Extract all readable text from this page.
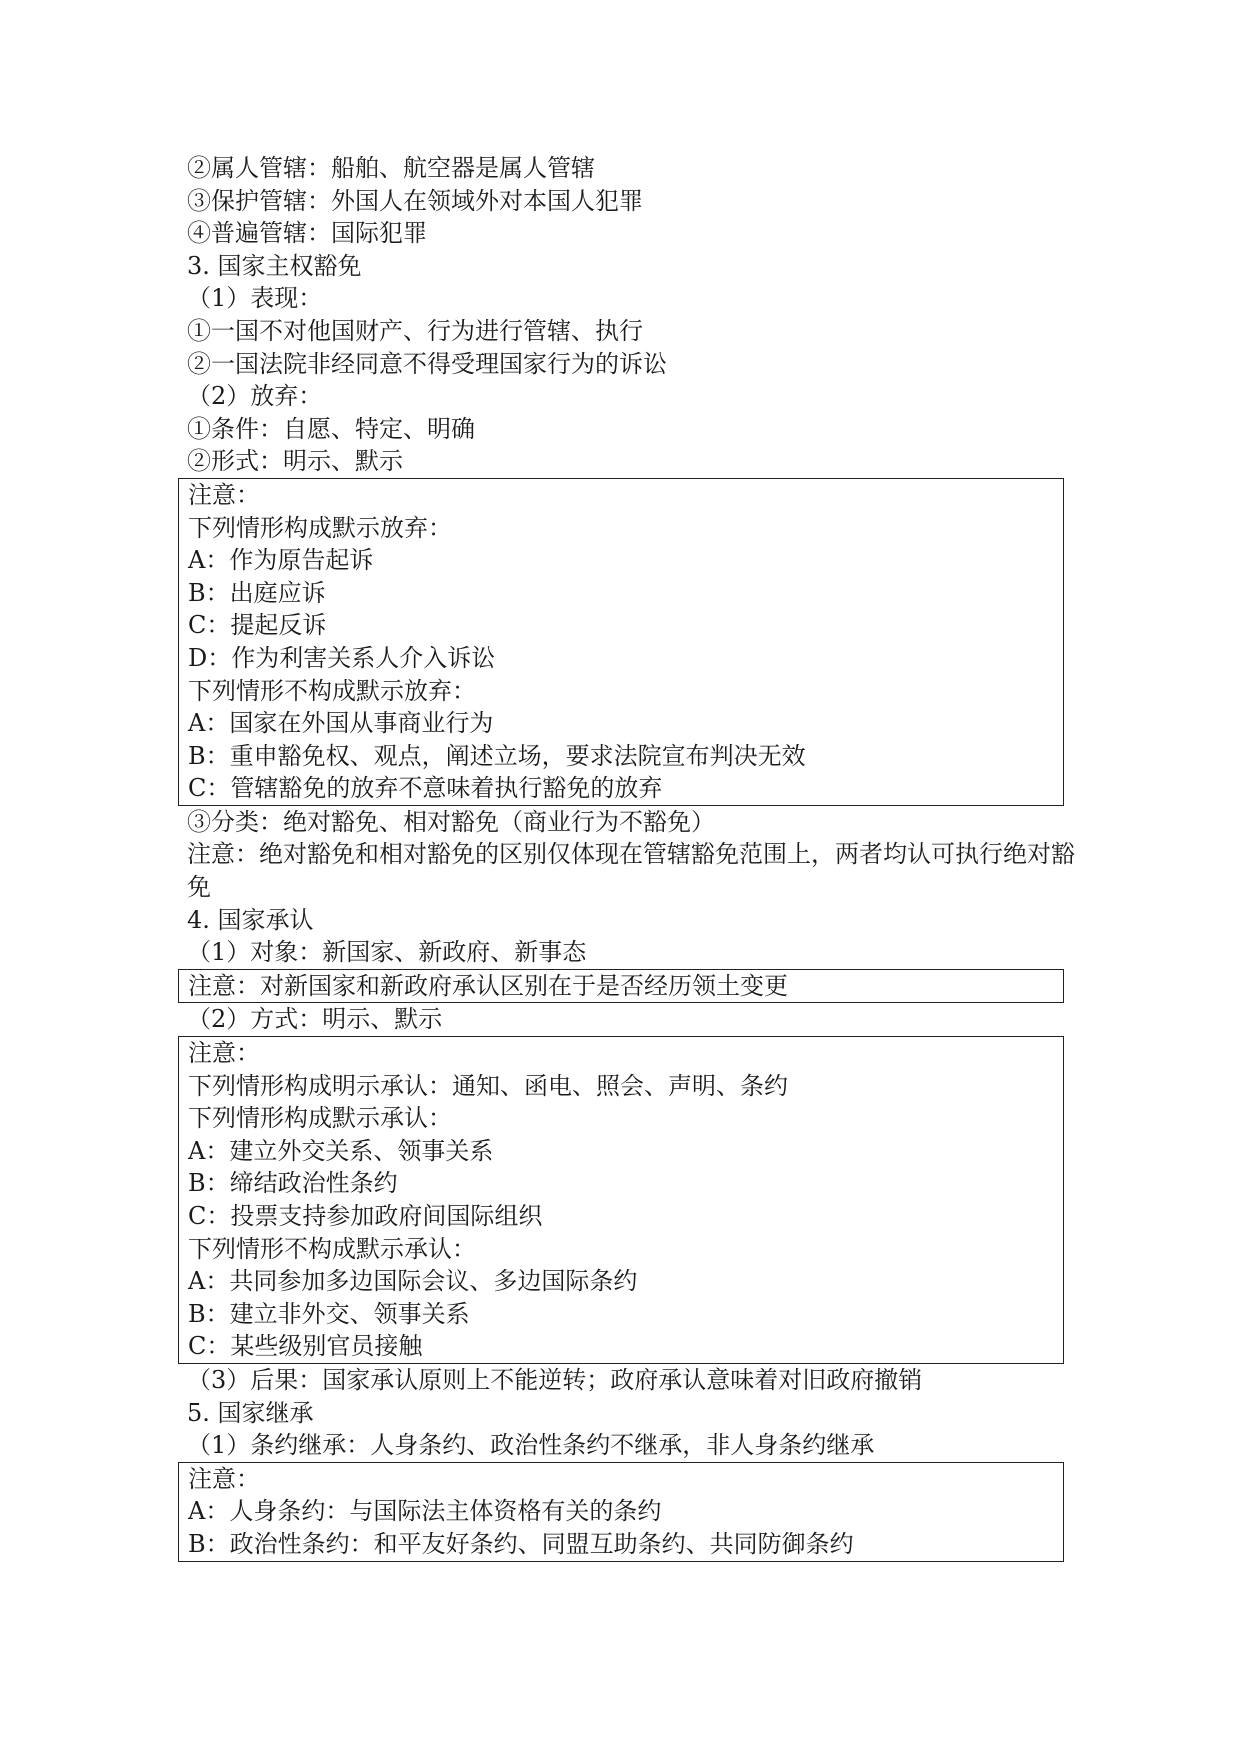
②属人管辖：船舶、航空器是属人管辖
③保护管辖：外国人在领域外对本国人犯罪
④普遍管辖：国际犯罪
3. 国家主权豁免
（1）表现：
①一国不对他国财产、行为进行管辖、执行
②一国法院非经同意不得受理国家行为的诉讼
（2）放弃：
①条件：自愿、特定、明确
②形式：明示、默示
注意：
下列情形构成默示放弃：
A：作为原告起诉
B：出庭应诉
C：提起反诉
D：作为利害关系人介入诉讼
下列情形不构成默示放弃：
A：国家在外国从事商业行为
B：重申豁免权、观点，阐述立场，要求法院宣布判决无效
C：管辖豁免的放弃不意味着执行豁免的放弃
③分类：绝对豁免、相对豁免（商业行为不豁免）
注意：绝对豁免和相对豁免的区别仅体现在管辖豁免范围上，两者均认可执行绝对豁免
4. 国家承认
（1）对象：新国家、新政府、新事态
注意：对新国家和新政府承认区别在于是否经历领土变更
（2）方式：明示、默示
注意：
下列情形构成明示承认：通知、函电、照会、声明、条约
下列情形构成默示承认：
A：建立外交关系、领事关系
B：缔结政治性条约
C：投票支持参加政府间国际组织
下列情形不构成默示承认：
A：共同参加多边国际会议、多边国际条约
B：建立非外交、领事关系
C：某些级别官员接触
（3）后果：国家承认原则上不能逆转；政府承认意味着对旧政府撤销
5. 国家继承
（1）条约继承：人身条约、政治性条约不继承，非人身条约继承
注意：
A：人身条约：与国际法主体资格有关的条约
B：政治性条约：和平友好条约、同盟互助条约、共同防御条约
